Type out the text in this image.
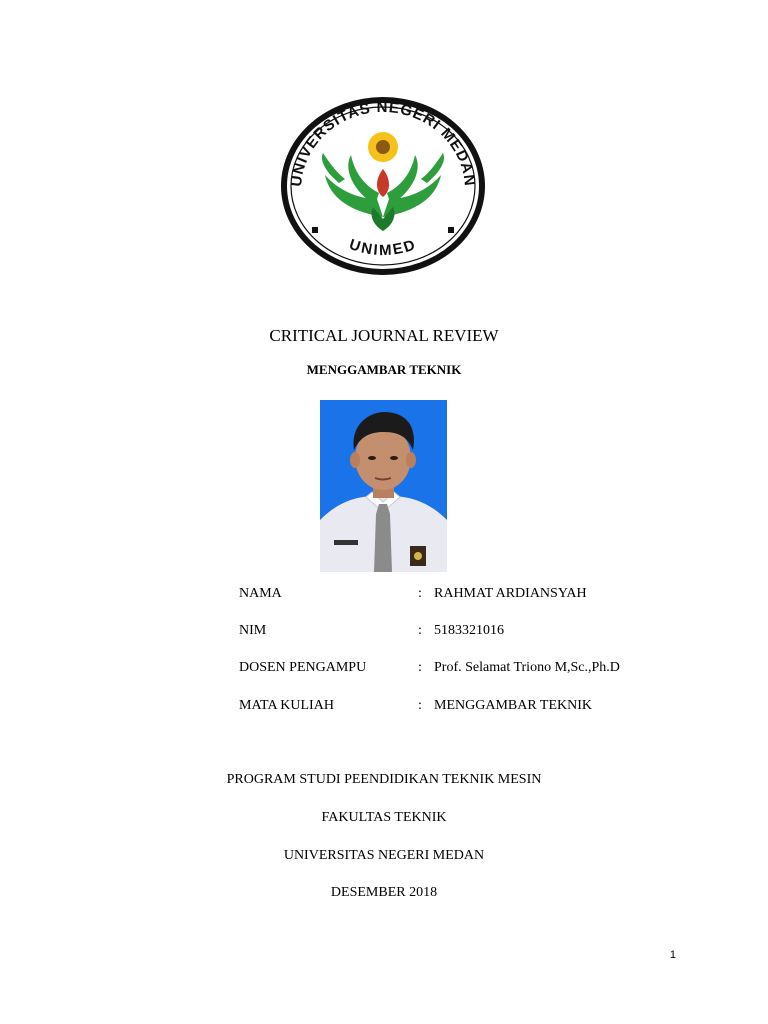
UNIVERSITAS NEGERI MEDAN
UNIMED
CRITICAL JOURNAL REVIEW
MENGGAMBAR TEKNIK
NAMA	: RAHMAT ARDIANSYAH
NIM	: 5183321016
DOSEN PENGAMPU	: Prof. Selamat Triono M,Sc.,Ph.D
MATA KULIAH	: MENGGAMBAR TEKNIK
PROGRAM STUDI PEENDIDIKAN TEKNIK MESIN
FAKULTAS TEKNIK
UNIVERSITAS NEGERI MEDAN
DESEMBER 2018
1
